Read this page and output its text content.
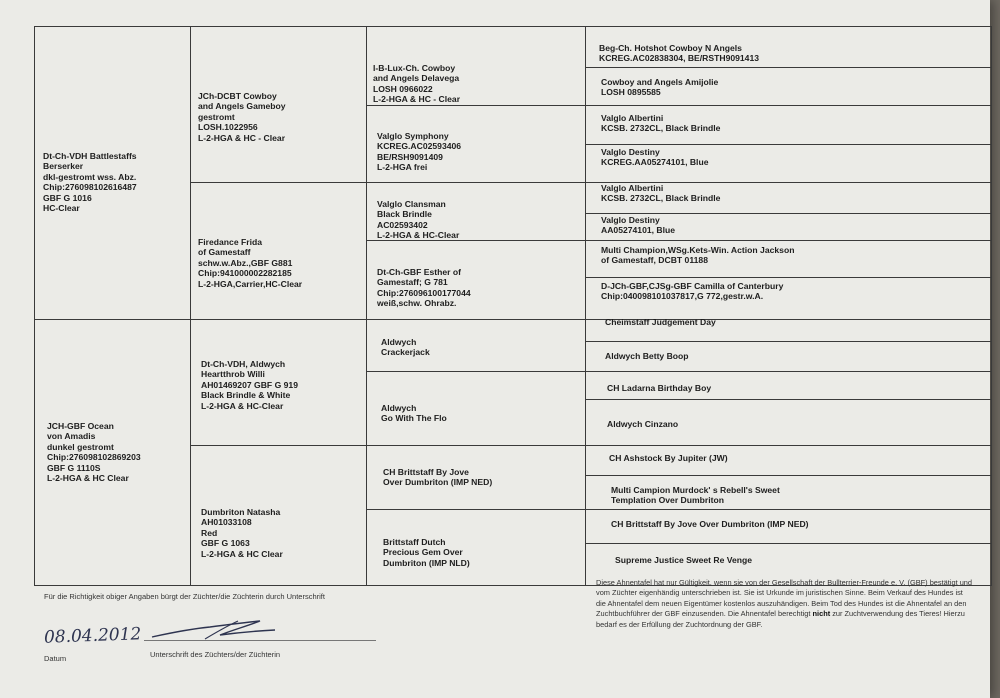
Dt-Ch-VDH Battlestaffs
Berserker
dkl-gestromt wss. Abz.
Chip:276098102616487
GBF G 1016
HC-Clear
JCH-GBF Ocean
von Amadis
dunkel gestromt
Chip:276098102869203
GBF G 1110S
L-2-HGA & HC Clear
JCh-DCBT Cowboy
and Angels Gameboy
gestromt
LOSH.1022956
L-2-HGA & HC - Clear
Firedance Frida
of Gamestaff
schw.w.Abz.,GBF G881
Chip:941000002282185
L-2-HGA,Carrier,HC-Clear
Dt-Ch-VDH, Aldwych
Heartthrob Willi
AH01469207 GBF G 919
Black Brindle & White
L-2-HGA & HC-Clear
Dumbriton Natasha
AH01033108
Red
GBF G 1063
L-2-HGA & HC Clear
I-B-Lux-Ch. Cowboy
and Angels Delavega
LOSH 0966022
L-2-HGA & HC - Clear
Valglo Symphony
KCREG.AC02593406
BE/RSH9091409
L-2-HGA frei
Valglo Clansman
Black Brindle
AC02593402
L-2-HGA & HC-Clear
Dt-Ch-GBF Esther of
Gamestaff; G 781
Chip:276096100177044
weiß,schw. Ohrabz.
Aldwych
Crackerjack
Aldwych
Go With The Flo
CH Brittstaff By Jove
Over Dumbriton (IMP NED)
Brittstaff Dutch
Precious Gem Over
Dumbriton (IMP NLD)
Beg-Ch. Hotshot Cowboy N Angels
KCREG.AC02838304, BE/RSTH9091413
Cowboy and Angels Amijolie
LOSH 0895585
Valglo Albertini
KCSB. 2732CL, Black Brindle
Valglo Destiny
KCREG.AA05274101, Blue
Valglo Albertini
KCSB. 2732CL, Black Brindle
Valglo Destiny
AA05274101, Blue
Multi Champion,WSg.Kets-Win. Action Jackson
of Gamestaff, DCBT 01188
D-JCh-GBF,CJSg-GBF Camilla of Canterbury
Chip:040098101037817,G 772,gestr.w.A.
Cheimstaff Judgement Day
Aldwych Betty Boop
CH Ladarna Birthday Boy
Aldwych Cinzano
CH Ashstock By Jupiter (JW)
Multi Campion Murdock' s Rebell's Sweet
Templation Over Dumbriton
CH Brittstaff By Jove Over Dumbriton (IMP NED)
Supreme Justice Sweet Re Venge
Für die Richtigkeit obiger Angaben bürgt der Züchter/die Züchterin durch Unterschrift
08.04.2012
Datum	Unterschrift des Züchters/der Züchterin
Diese Ahnentafel hat nur Gültigkeit, wenn sie von der Gesellschaft der Bullterrier-Freunde e. V. (GBF) bestätigt und vom Züchter eigenhändig unterschrieben ist. Sie ist Urkunde im juristischen Sinne. Beim Verkauf des Hundes ist die Ahnentafel dem neuen Eigentümer kostenlos auszuhändigen. Beim Tod des Hundes ist die Ahnentafel an den Zuchtbuchführer der GBF einzusenden. Die Ahnentafel berechtigt nicht zur Zuchtverwendung des Tieres! Hierzu bedarf es der Erfüllung der Zuchtordnung der GBF.
